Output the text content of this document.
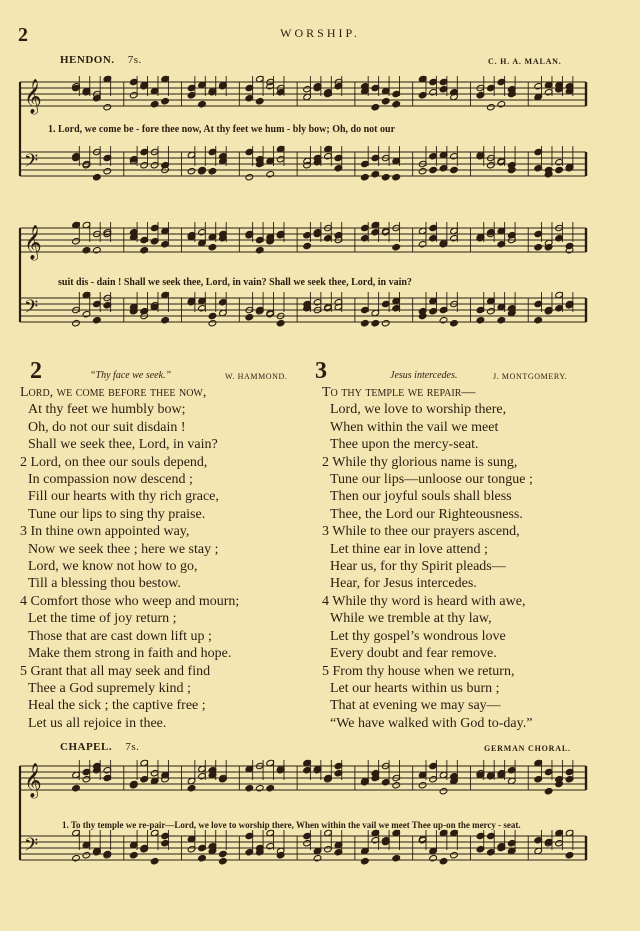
2	WORSHIP.
HENDON. 7s.	C. H. A. MALAN.
𝄞
𝄢
1. Lord, we come be - fore thee now, At thy feet we hum - bly bow; Oh, do not our
𝄞
𝄢
suit dis - dain ! Shall we seek thee, Lord, in vain? Shall we seek thee, Lord, in vain?
2	“Thy face we seek.”	W. HAMMOND.
Lord, we come before thee now,
At thy feet we humbly bow;
Oh, do not our suit disdain !
Shall we seek thee, Lord, in vain?
2 Lord, on thee our souls depend,
In compassion now descend ;
Fill our hearts with thy rich grace,
Tune our lips to sing thy praise.
3 In thine own appointed way,
Now we seek thee ; here we stay ;
Lord, we know not how to go,
Till a blessing thou bestow.
4 Comfort those who weep and mourn;
Let the time of joy return ;
Those that are cast down lift up ;
Make them strong in faith and hope.
5 Grant that all may seek and find
Thee a God supremely kind ;
Heal the sick ; the captive free ;
Let us all rejoice in thee.
3	Jesus intercedes.	J. MONTGOMERY.
To thy temple we repair—
Lord, we love to worship there,
When within the vail we meet
Thee upon the mercy-seat.
2 While thy glorious name is sung,
Tune our lips—unloose our tongue ;
Then our joyful souls shall bless
Thee, the Lord our Righteousness.
3 While to thee our prayers ascend,
Let thine ear in love attend ;
Hear us, for thy Spirit pleads—
Hear, for Jesus intercedes.
4 While thy word is heard with awe,
While we tremble at thy law,
Let thy gospel’s wondrous love
Every doubt and fear remove.
5 From thy house when we return,
Let our hearts within us burn ;
That at evening we may say—
“We have walked with God to-day.”
CHAPEL. 7s.	GERMAN CHORAL.
𝄞
𝄢
1. To thy temple we re-pair—Lord, we love to worship there, When within the vail we meet Thee up-on the mercy - seat.
